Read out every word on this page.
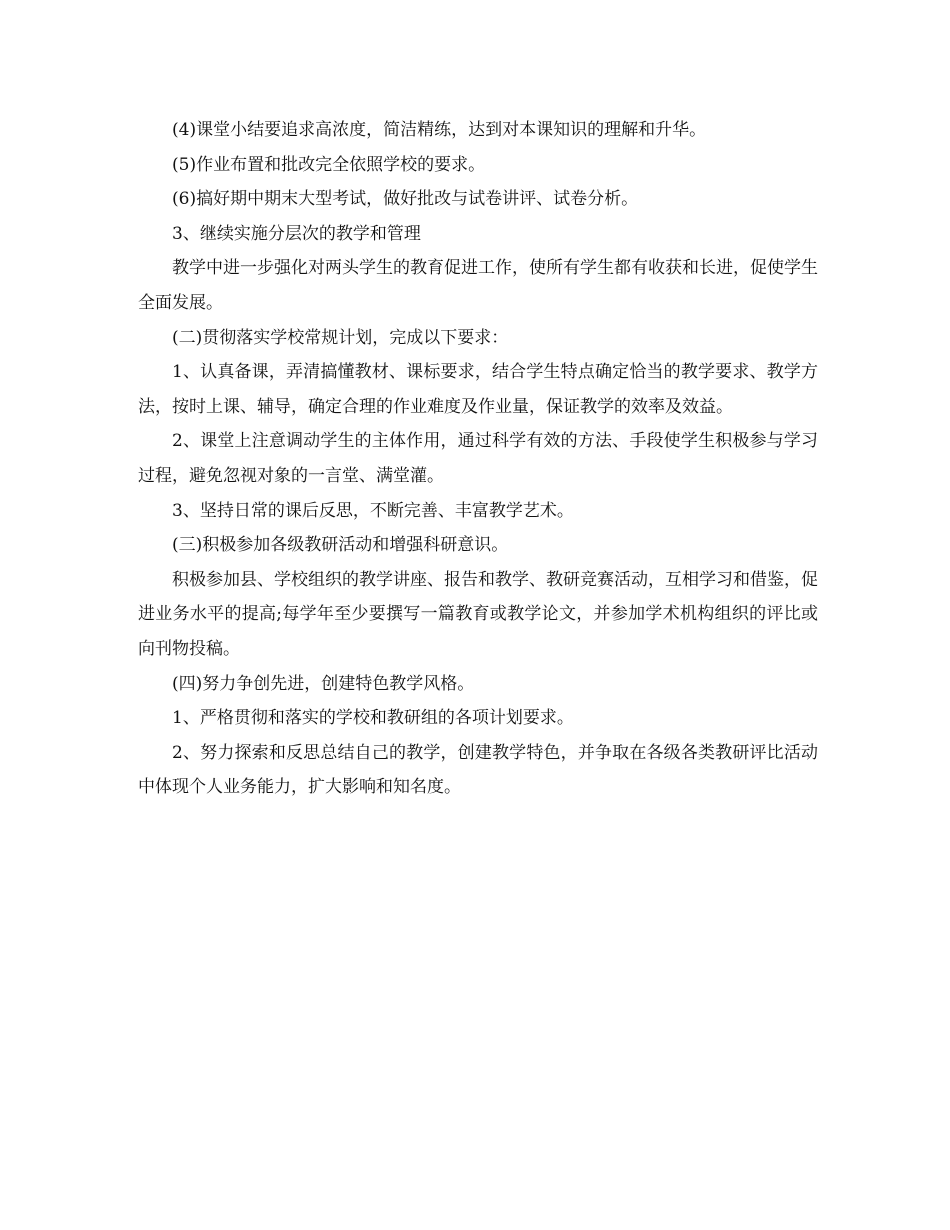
(4)课堂小结要追求高浓度，简洁精练，达到对本课知识的理解和升华。

(5)作业布置和批改完全依照学校的要求。

(6)搞好期中期末大型考试，做好批改与试卷讲评、试卷分析。

3、继续实施分层次的教学和管理

教学中进一步强化对两头学生的教育促进工作，使所有学生都有收获和长进，促使学生全面发展。

(二)贯彻落实学校常规计划，完成以下要求：

1、认真备课，弄清搞懂教材、课标要求，结合学生特点确定恰当的教学要求、教学方法，按时上课、辅导，确定合理的作业难度及作业量，保证教学的效率及效益。

2、课堂上注意调动学生的主体作用，通过科学有效的方法、手段使学生积极参与学习过程，避免忽视对象的一言堂、满堂灌。

3、坚持日常的课后反思，不断完善、丰富教学艺术。

(三)积极参加各级教研活动和增强科研意识。

积极参加县、学校组织的教学讲座、报告和教学、教研竞赛活动，互相学习和借鉴，促进业务水平的提高;每学年至少要撰写一篇教育或教学论文，并参加学术机构组织的评比或向刊物投稿。

(四)努力争创先进，创建特色教学风格。

1、严格贯彻和落实的学校和教研组的各项计划要求。

2、努力探索和反思总结自己的教学，创建教学特色，并争取在各级各类教研评比活动中体现个人业务能力，扩大影响和知名度。
